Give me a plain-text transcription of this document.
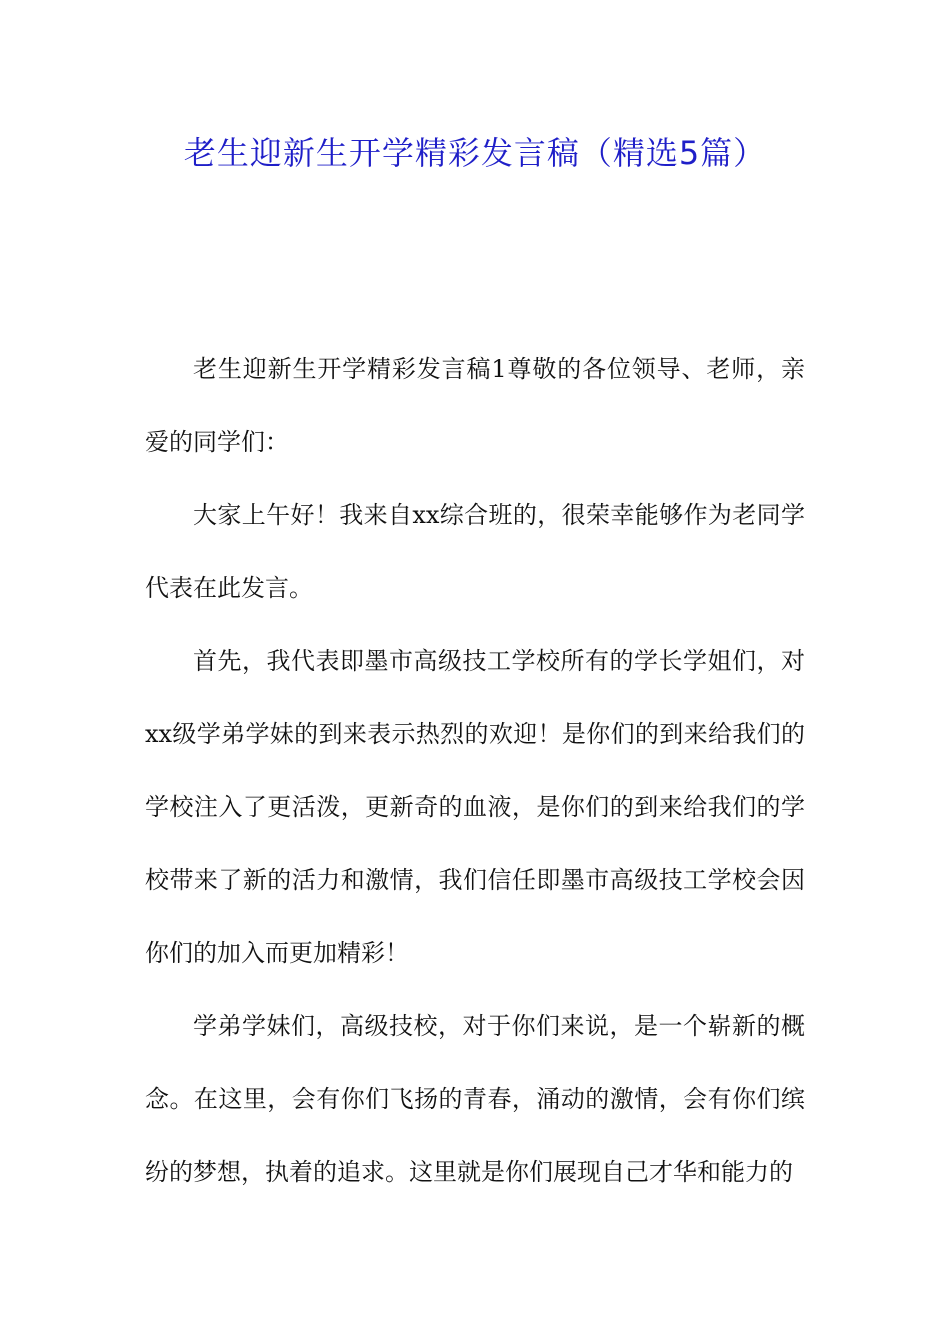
老生迎新生开学精彩发言稿（精选5篇）

老生迎新生开学精彩发言稿1尊敬的各位领导、老师，亲爱的同学们：

大家上午好！我来自xx综合班的，很荣幸能够作为老同学代表在此发言。

首先，我代表即墨市高级技工学校所有的学长学姐们，对xx级学弟学妹的到来表示热烈的欢迎！是你们的到来给我们的学校注入了更活泼，更新奇的血液，是你们的到来给我们的学校带来了新的活力和激情，我们信任即墨市高级技工学校会因你们的加入而更加精彩！

学弟学妹们，高级技校，对于你们来说，是一个崭新的概念。在这里，会有你们飞扬的青春，涌动的激情，会有你们缤纷的梦想，执着的追求。这里就是你们展现自己才华和能力的
